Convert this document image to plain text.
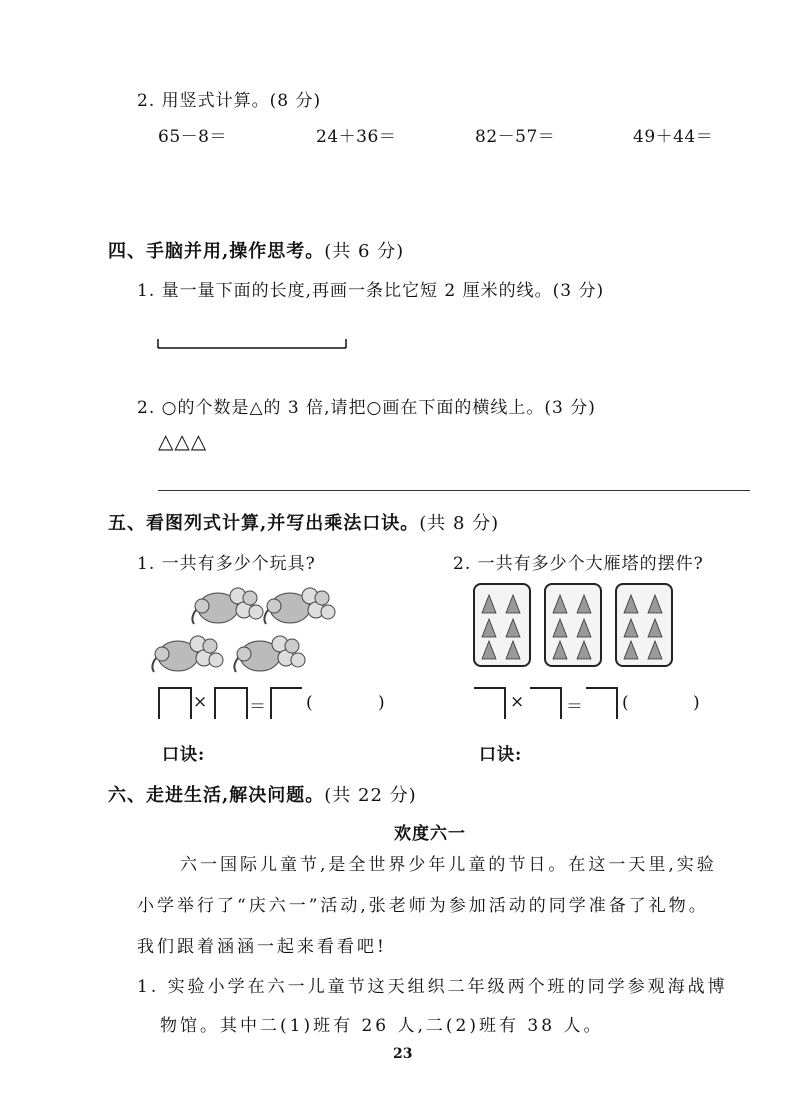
2. 用竖式计算。(8 分)
65－8＝	24＋36＝	82－57＝	49＋44＝
四、手脑并用,操作思考。(共 6 分)
1. 量一量下面的长度,再画一条比它短 2 厘米的线。(3 分)
2. ○的个数是△的 3 倍,请把○画在下面的横线上。(3 分)
△△△
五、看图列式计算,并写出乘法口诀。(共 8 分)
1. 一共有多少个玩具?	2. 一共有多少个大雁塔的摆件?
× ＝ (	)	× ＝ (	)
口诀:	口诀:
六、走进生活,解决问题。(共 22 分)
欢度六一
六一国际儿童节,是全世界少年儿童的节日。在这一天里,实验
小学举行了“庆六一”活动,张老师为参加活动的同学准备了礼物。
我们跟着涵涵一起来看看吧!
1. 实验小学在六一儿童节这天组织二年级两个班的同学参观海战博
物馆。其中二(1)班有 26 人,二(2)班有 38 人。
23
